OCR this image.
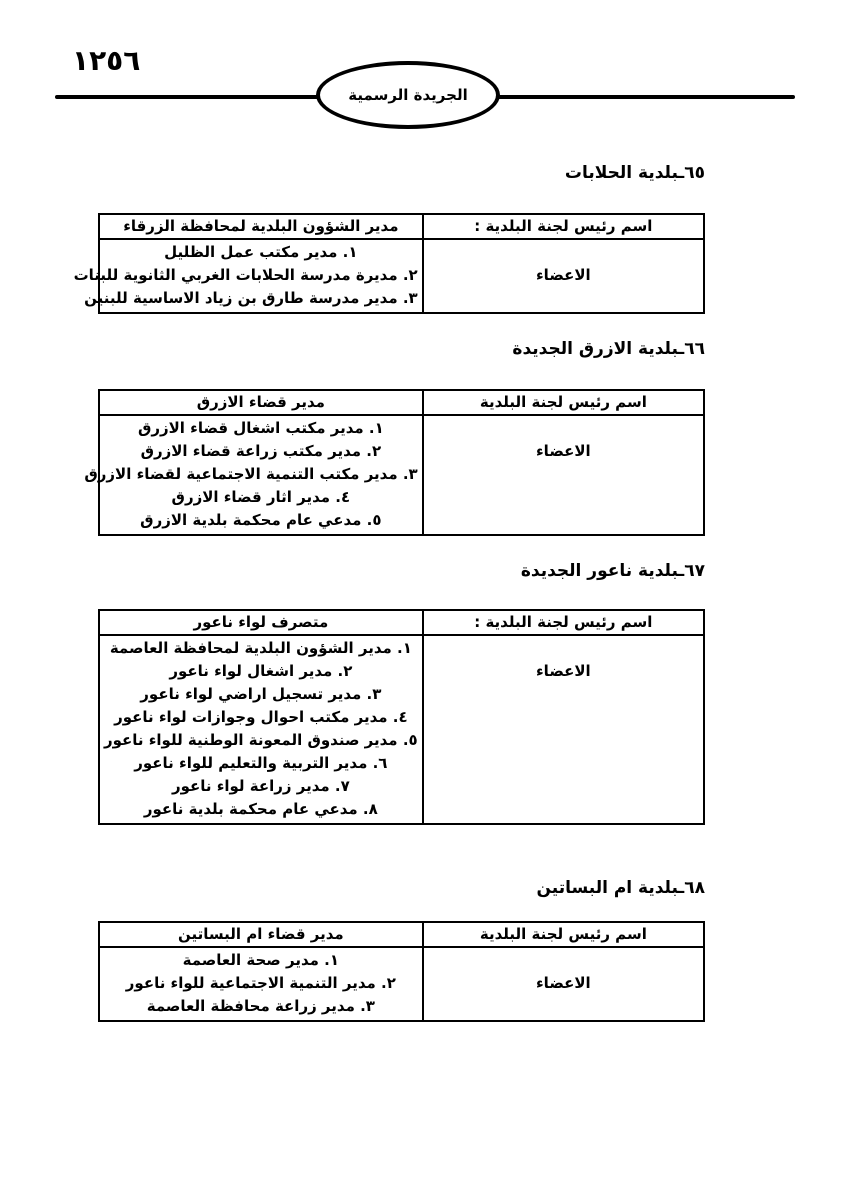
١٢٥٦
الجريدة الرسمية
٦٥ـبلدية الحلابات
اسم رئيس لجنة البلدية :	مدير الشؤون البلدية لمحافظة الزرقاء
الاعضاء	١. مدير مكتب عمل الظليل
٢. مديرة مدرسة الحلابات الغربي الثانوية للبنات
٣. مدير مدرسة طارق بن زياد الاساسية للبنين
٦٦ـبلدية الازرق الجديدة
اسم رئيس لجنة البلدية	مدير قضاء الازرق
الاعضاء	١. مدير مكتب اشغال قضاء الازرق
٢. مدير مكتب زراعة قضاء الازرق
٣. مدير مكتب التنمية الاجتماعية لقضاء الازرق
٤. مدير اثار قضاء الازرق
٥. مدعي عام محكمة بلدية الازرق
٦٧ـبلدية ناعور الجديدة
اسم رئيس لجنة البلدية :	متصرف لواء ناعور
الاعضاء	
١. مدير الشؤون البلدية لمحافظة العاصمة
٢. مدير اشغال لواء ناعور
٣. مدير تسجيل اراضي لواء ناعور
٤. مدير مكتب احوال وجوازات لواء ناعور
٥. مدير صندوق المعونة الوطنية للواء ناعور
٦. مدير التربية والتعليم للواء ناعور
٧. مدير زراعة لواء ناعور
٨. مدعي عام محكمة بلدية ناعور
٦٨ـبلدية ام البساتين
اسم رئيس لجنة البلدية	مدير قضاء ام البساتين
الاعضاء	١. مدير صحة العاصمة
٢. مدير التنمية الاجتماعية للواء ناعور
٣. مدير زراعة محافظة العاصمة
